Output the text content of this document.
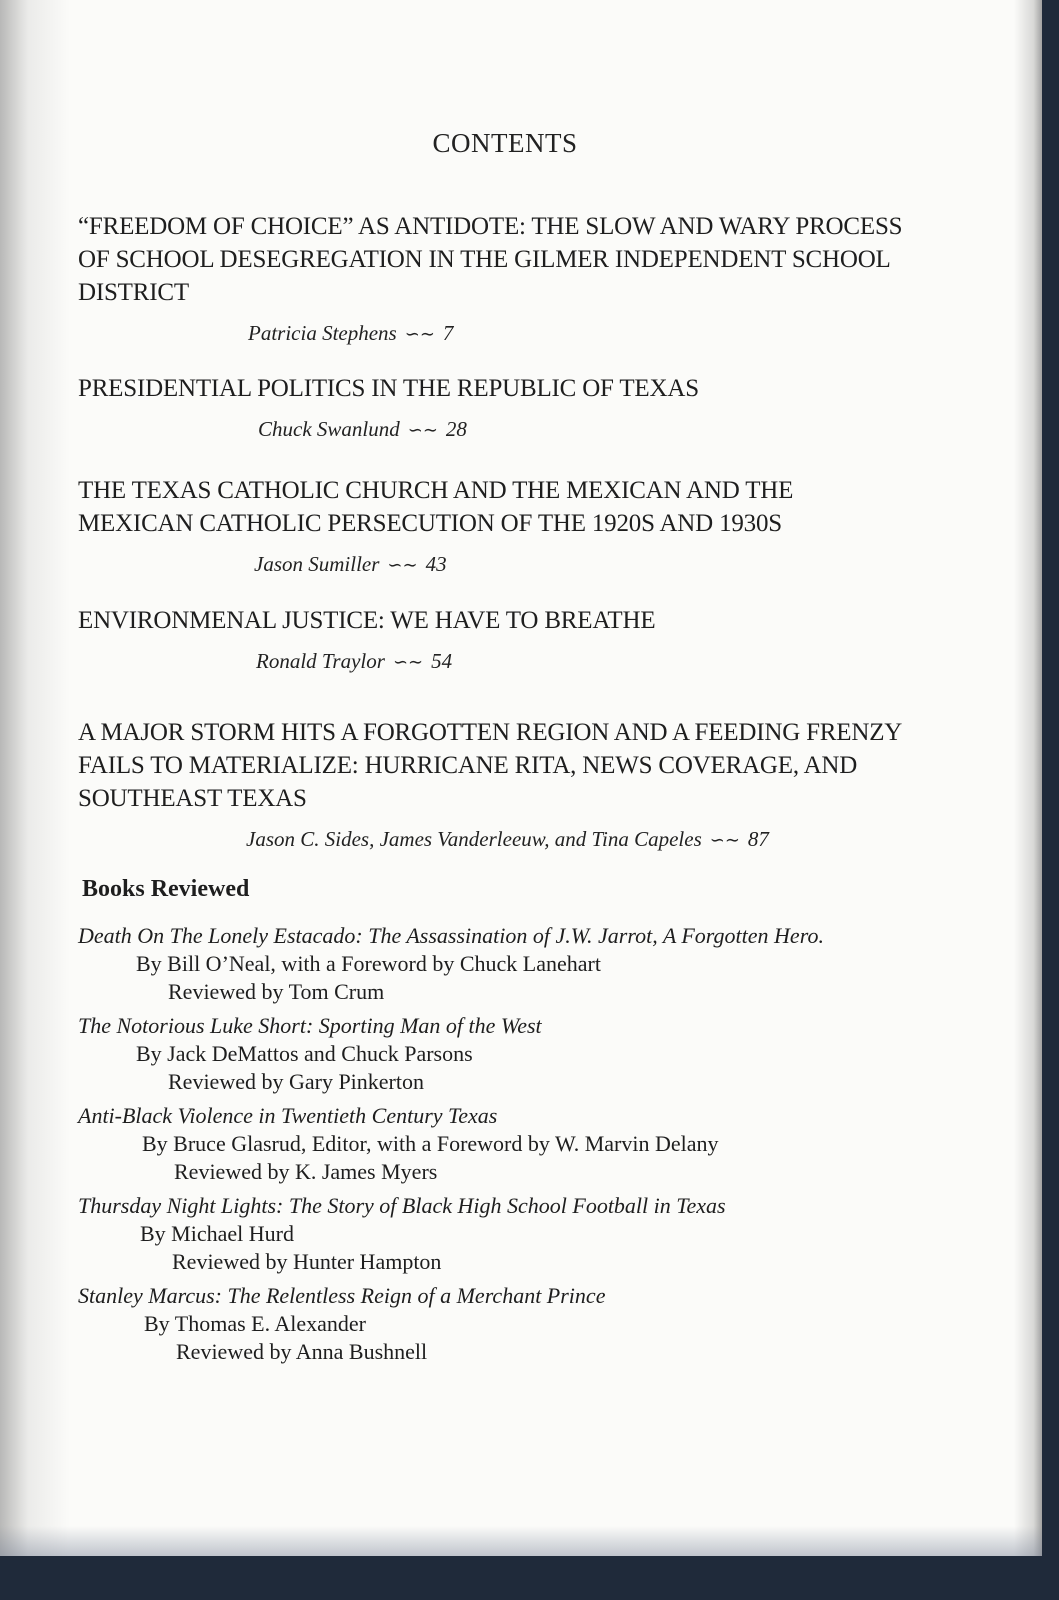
CONTENTS
“FREEDOM OF CHOICE” AS ANTIDOTE: THE SLOW AND WARY PROCESS OF SCHOOL DESEGREGATION IN THE GILMER INDEPENDENT SCHOOL DISTRICT
Patricia Stephens ∽∼ 7
PRESIDENTIAL POLITICS IN THE REPUBLIC OF TEXAS
Chuck Swanlund ∽∼ 28
THE TEXAS CATHOLIC CHURCH AND THE MEXICAN AND THE MEXICAN CATHOLIC PERSECUTION OF THE 1920S AND 1930S
Jason Sumiller ∽∼ 43
ENVIRONMENAL JUSTICE: WE HAVE TO BREATHE
Ronald Traylor ∽∼ 54
A MAJOR STORM HITS A FORGOTTEN REGION AND A FEEDING FRENZY FAILS TO MATERIALIZE: HURRICANE RITA, NEWS COVERAGE, AND SOUTHEAST TEXAS
Jason C. Sides, James Vanderleeuw, and Tina Capeles ∽∼ 87
Books Reviewed
Death On The Lonely Estacado: The Assassination of J.W. Jarrot, A Forgotten Hero.
By Bill O’Neal, with a Foreword by Chuck Lanehart
Reviewed by Tom Crum
The Notorious Luke Short: Sporting Man of the West
By Jack DeMattos and Chuck Parsons
Reviewed by Gary Pinkerton
Anti-Black Violence in Twentieth Century Texas
By Bruce Glasrud, Editor, with a Foreword by W. Marvin Delany
Reviewed by K. James Myers
Thursday Night Lights: The Story of Black High School Football in Texas
By Michael Hurd
Reviewed by Hunter Hampton
Stanley Marcus: The Relentless Reign of a Merchant Prince
By Thomas E. Alexander
Reviewed by Anna Bushnell
